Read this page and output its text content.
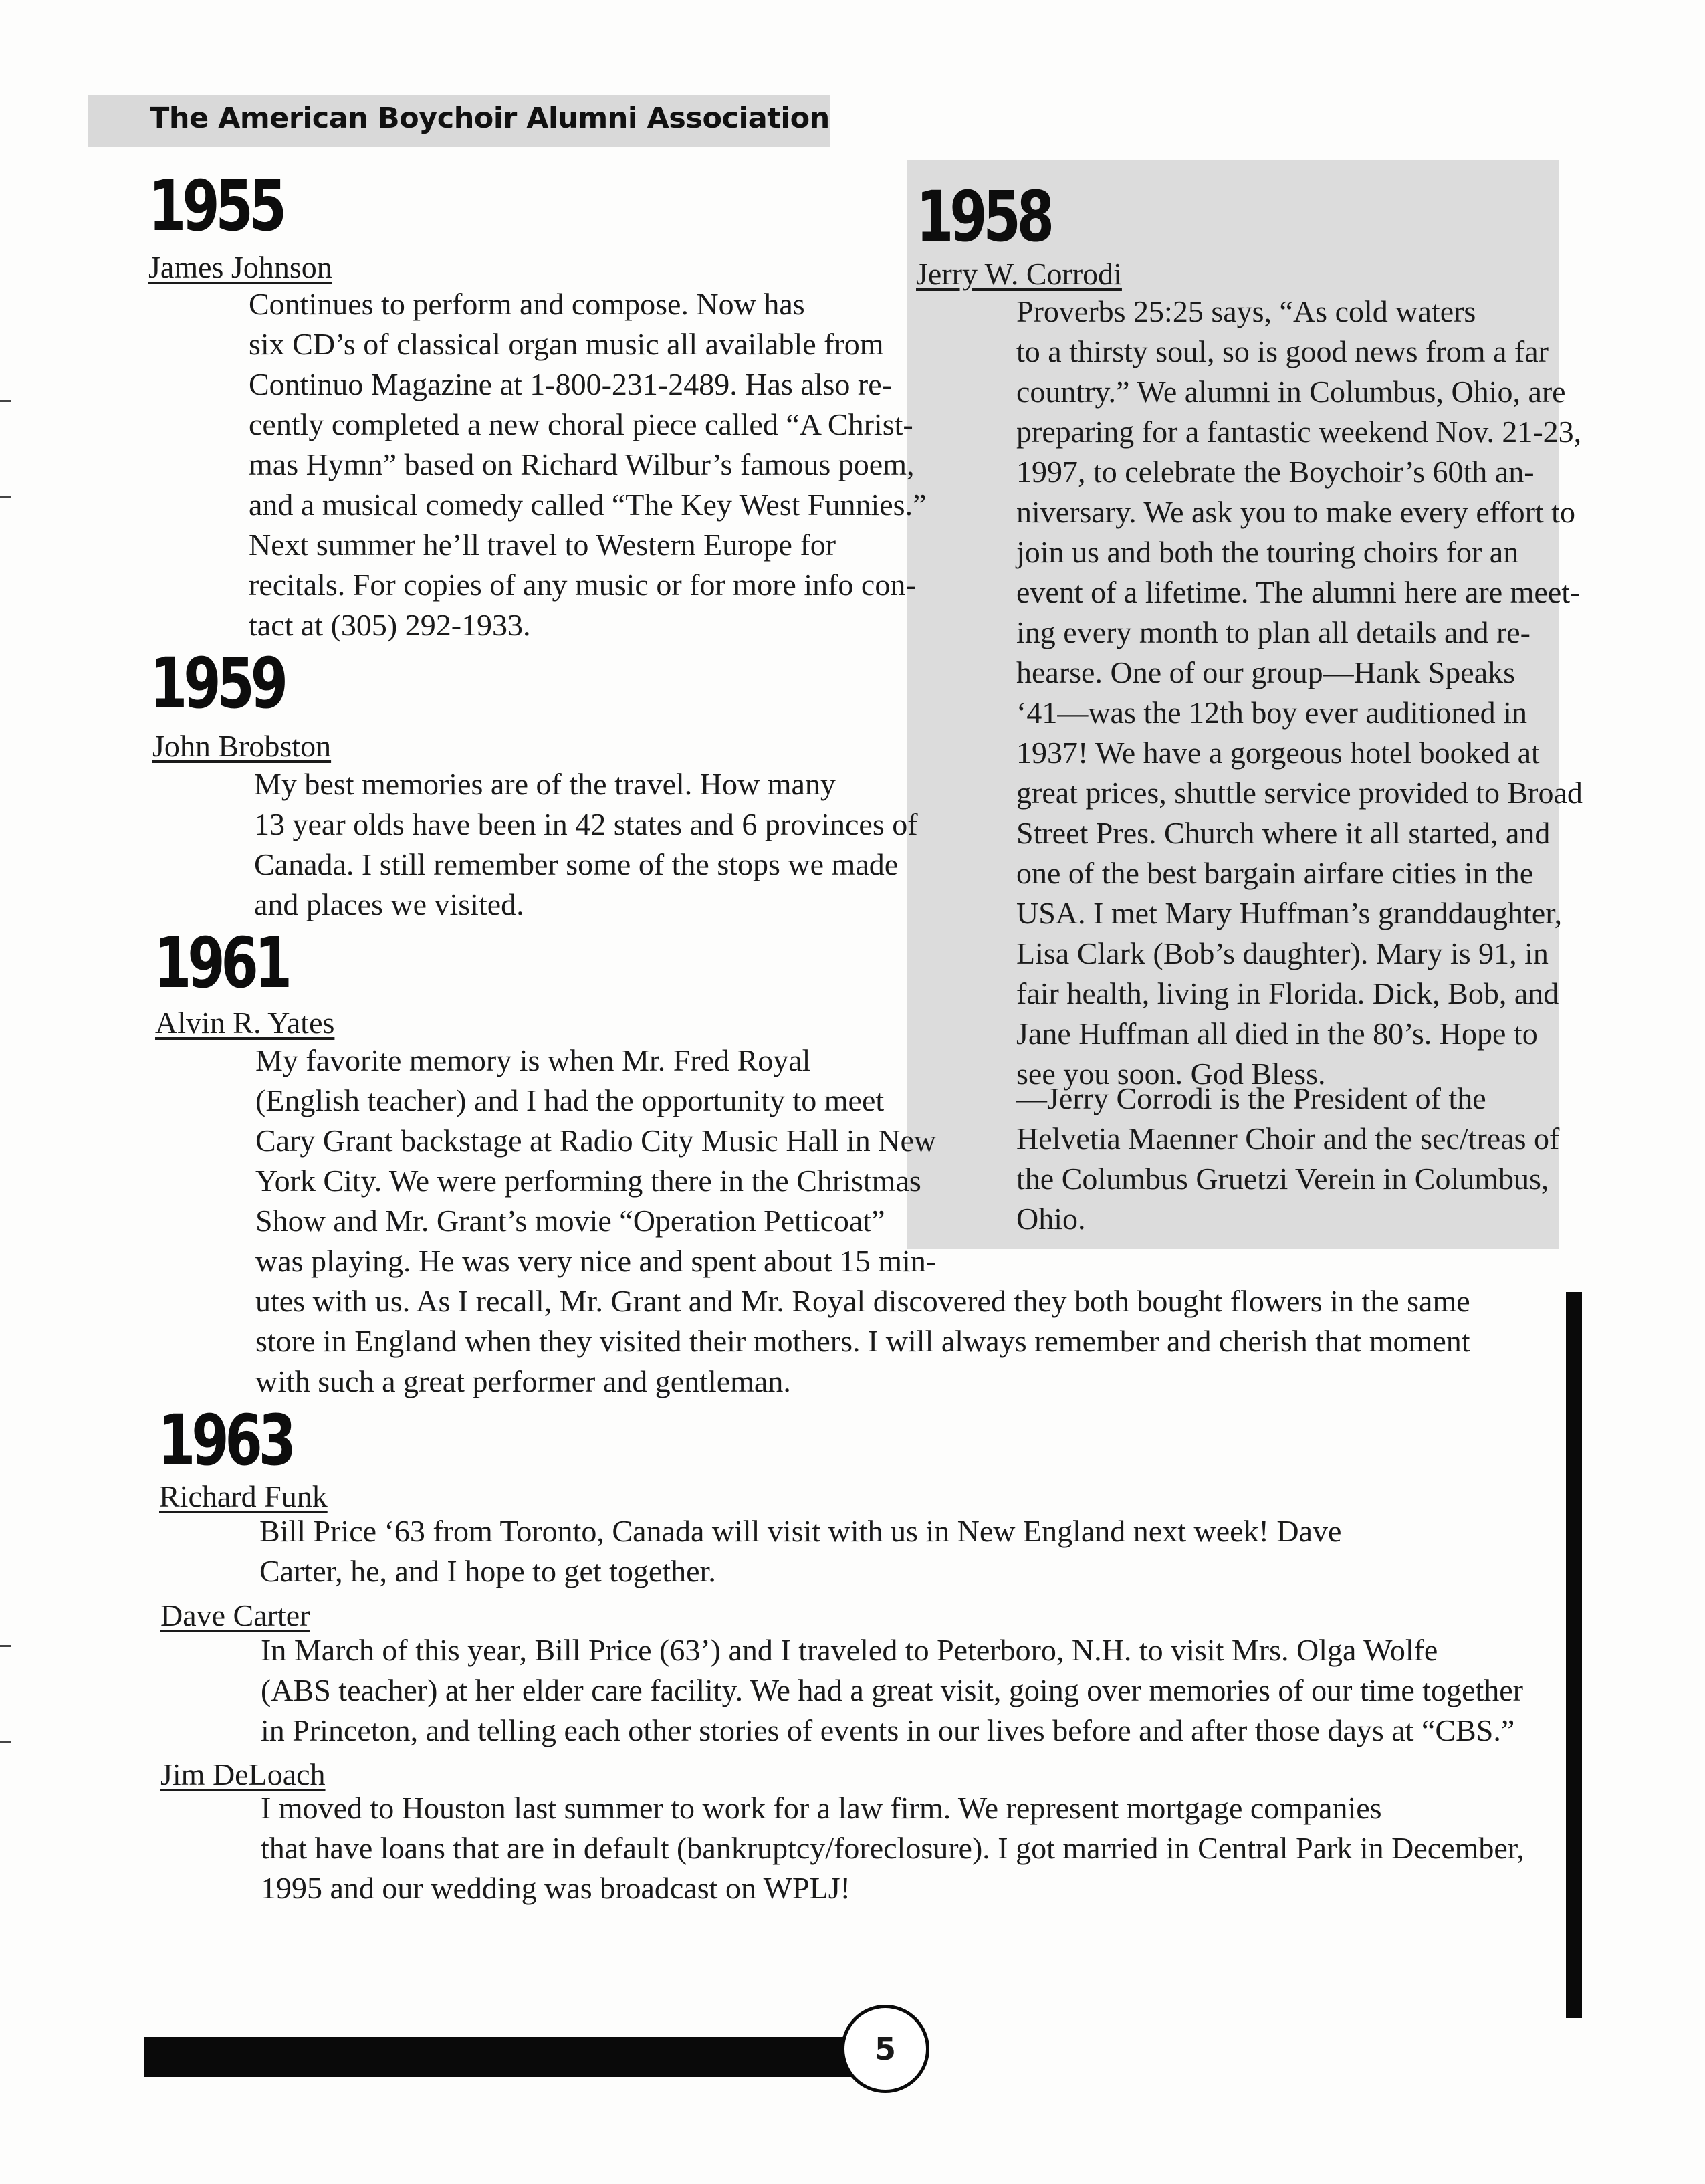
The American Boychoir Alumni Association
1955
James Johnson
Continues to perform and compose. Now has
six CD’s of classical organ music all available from
Continuo Magazine at 1-800-231-2489. Has also re-
cently completed a new choral piece called “A Christ-
mas Hymn” based on Richard Wilbur’s famous poem,
and a musical comedy called “The Key West Funnies.”
Next summer he’ll travel to Western Europe for
recitals. For copies of any music or for more info con-
tact at (305) 292-1933.
1959
John Brobston
My best memories are of the travel. How many
13 year olds have been in 42 states and 6 provinces of
Canada. I still remember some of the stops we made
and places we visited.
1961
Alvin R. Yates
My favorite memory is when Mr. Fred Royal
(English teacher) and I had the opportunity to meet
Cary Grant backstage at Radio City Music Hall in New
York City. We were performing there in the Christmas
Show and Mr. Grant’s movie “Operation Petticoat”
was playing. He was very nice and spent about 15 min-
utes with us. As I recall, Mr. Grant and Mr. Royal discovered they both bought flowers in the same
store in England when they visited their mothers. I will always remember and cherish that moment
with such a great performer and gentleman.
1958
Jerry W. Corrodi
Proverbs 25:25 says, “As cold waters
to a thirsty soul, so is good news from a far
country.” We alumni in Columbus, Ohio, are
preparing for a fantastic weekend Nov. 21-23,
1997, to celebrate the Boychoir’s 60th an-
niversary. We ask you to make every effort to
join us and both the touring choirs for an
event of a lifetime. The alumni here are meet-
ing every month to plan all details and re-
hearse. One of our group—Hank Speaks
‘41—was the 12th boy ever auditioned in
1937! We have a gorgeous hotel booked at
great prices, shuttle service provided to Broad
Street Pres. Church where it all started, and
one of the best bargain airfare cities in the
USA. I met Mary Huffman’s granddaughter,
Lisa Clark (Bob’s daughter). Mary is 91, in
fair health, living in Florida. Dick, Bob, and
Jane Huffman all died in the 80’s. Hope to
see you soon. God Bless.
—Jerry Corrodi is the President of the
Helvetia Maenner Choir and the sec/treas of
the Columbus Gruetzi Verein in Columbus,
Ohio.
1963
Richard Funk
Bill Price ‘63 from Toronto, Canada will visit with us in New England next week! Dave
Carter, he, and I hope to get together.
Dave Carter
In March of this year, Bill Price (63’) and I traveled to Peterboro, N.H. to visit Mrs. Olga Wolfe
(ABS teacher) at her elder care facility. We had a great visit, going over memories of our time together
in Princeton, and telling each other stories of events in our lives before and after those days at “CBS.”
Jim DeLoach
I moved to Houston last summer to work for a law firm. We represent mortgage companies
that have loans that are in default (bankruptcy/foreclosure). I got married in Central Park in December,
1995 and our wedding was broadcast on WPLJ!
5
